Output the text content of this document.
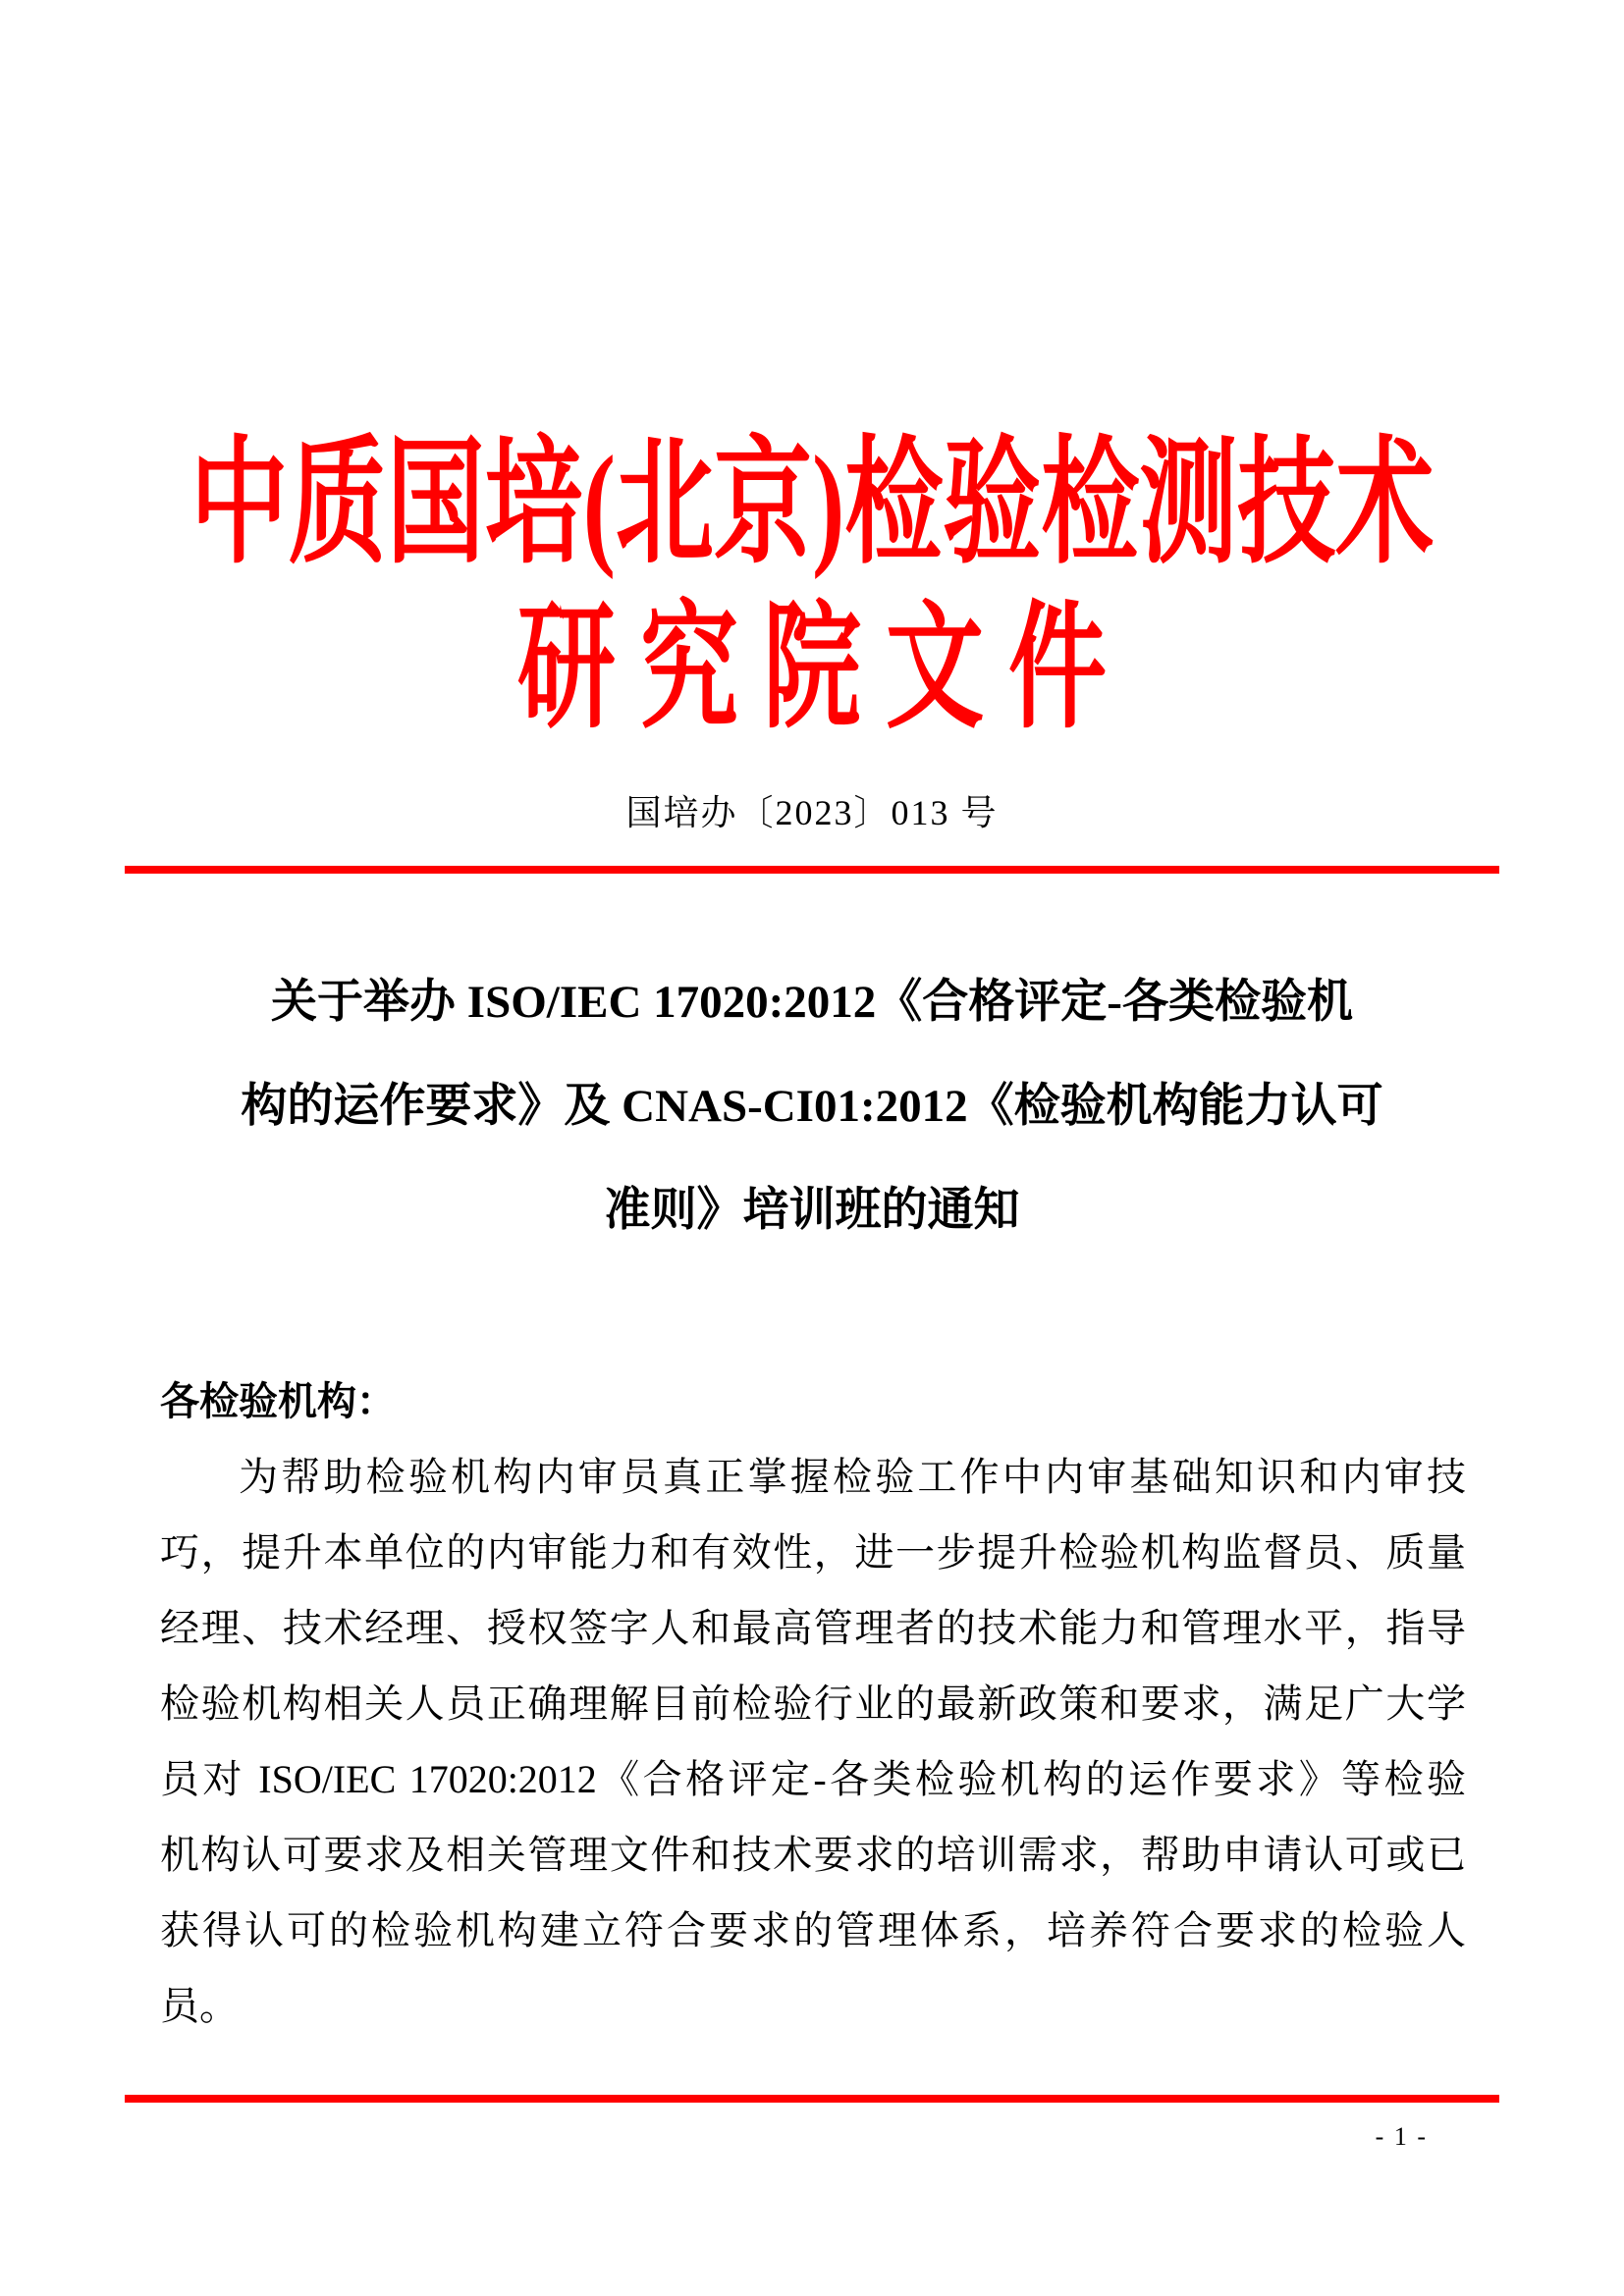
中质国培(北京)检验检测技术
研究院文件
国培办〔2023〕013 号
关于举办 ISO/IEC 17020:2012《合格评定-各类检验机
构的运作要求》及 CNAS-CI01:2012《检验机构能力认可
准则》培训班的通知
各检验机构：
为帮助检验机构内审员真正掌握检验工作中内审基础知识和内审技
巧，提升本单位的内审能力和有效性，进一步提升检验机构监督员、质量
经理、技术经理、授权签字人和最高管理者的技术能力和管理水平，指导
检验机构相关人员正确理解目前检验行业的最新政策和要求，满足广大学
员对 ISO/IEC 17020:2012《合格评定-各类检验机构的运作要求》等检验
机构认可要求及相关管理文件和技术要求的培训需求，帮助申请认可或已
获得认可的检验机构建立符合要求的管理体系，培养符合要求的检验人
员。
- 1 -
